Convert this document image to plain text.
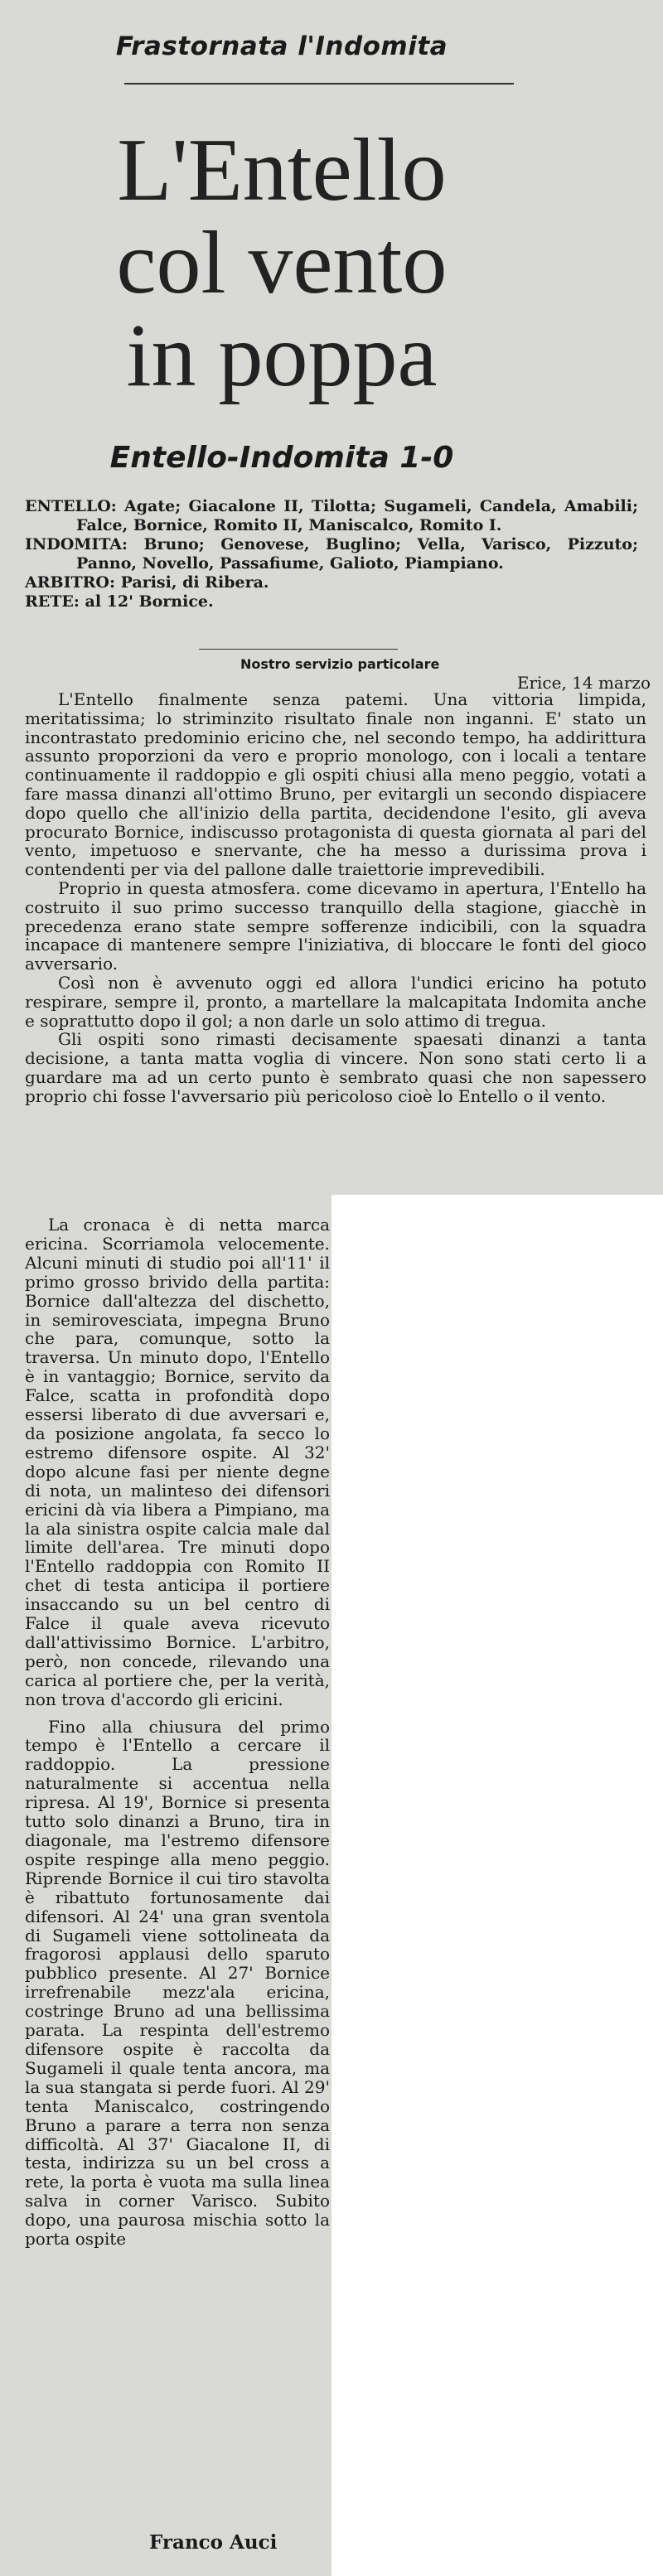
Frastornata l'Indomita
L'Entello
col vento
in poppa
Entello-Indomita 1-0

ENTELLO: Agate; Giacalone II, Tilotta; Sugameli, Candela, Amabili; Falce, Bornice, Romito II, Maniscalco, Romito I.

INDOMITA: Bruno; Genovese, Buglino; Vella, Varisco, Pizzuto; Panno, Novello, Passafiume, Galioto, Piampiano.

ARBITRO: Parisi, di Ribera.

RETE: al 12' Bornice.

Nostro servizio particolare
Erice, 14 marzo

L'Entello finalmente senza patemi. Una vittoria limpida, meritatissima; lo striminzito risultato finale non inganni. E' stato un incontrastato predominio ericino che, nel secondo tempo, ha addirittura assunto proporzioni da vero e proprio monologo, con i locali a tentare continuamente il raddoppio e gli ospiti chiusi alla meno peggio, votati a fare massa dinanzi all'ottimo Bruno, per evitargli un secondo dispiacere dopo quello che all'inizio della partita, decidendone l'esito, gli aveva procurato Bornice, indiscusso protagonista di questa giornata al pari del vento, impetuoso e snervante, che ha messo a durissima prova i contendenti per via del pallone dalle traiettorie imprevedibili.

Proprio in questa atmosfera. come dicevamo in apertura, l'Entello ha costruito il suo primo successo tranquillo della stagione, giacchè in precedenza erano state sempre sofferenze indicibili, con la squadra incapace di mantenere sempre l'iniziativa, di bloccare le fonti del gioco avversario.

Così non è avvenuto oggi ed allora l'undici ericino ha potuto respirare, sempre il, pronto, a martellare la malcapitata Indomita anche e soprattutto dopo il gol; a non darle un solo attimo di tregua.

Gli ospiti sono rimasti decisamente spaesati dinanzi a tanta decisione, a tanta matta voglia di vincere. Non sono stati certo li a guardare ma ad un certo punto è sembrato quasi che non sapessero proprio chi fosse l'avversario più pericoloso cioè lo Entello o il vento.

La cronaca è di netta marca ericina. Scorriamola velocemente. Alcuni minuti di studio poi all'11' il primo grosso brivido della partita: Bornice dall'altezza del dischetto, in semirovesciata, impegna Bruno che para, comunque, sotto la traversa. Un minuto dopo, l'Entello è in vantaggio; Bornice, servito da Falce, scatta in profondità dopo essersi liberato di due avversari e, da posizione angolata, fa secco lo estremo difensore ospite. Al 32' dopo alcune fasi per niente degne di nota, un malinteso dei difensori ericini dà via libera a Pimpiano, ma la ala sinistra ospite calcia male dal limite dell'area. Tre minuti dopo l'Entello raddoppia con Romito II chet di testa anticipa il portiere insaccando su un bel centro di Falce il quale aveva ricevuto dall'attivissimo Bornice. L'arbitro, però, non concede, rilevando una carica al portiere che, per la verità, non trova d'accordo gli ericini.

Fino alla chiusura del primo tempo è l'Entello a cercare il raddoppio. La pressione naturalmente si accentua nella ripresa. Al 19', Bornice si presenta tutto solo dinanzi a Bruno, tira in diagonale, ma l'estremo difensore ospite respinge alla meno peggio. Riprende Bornice il cui tiro stavolta è ribattuto fortunosamente dai difensori. Al 24' una gran sventola di Sugameli viene sottolineata da fragorosi applausi dello sparuto pubblico presente. Al 27' Bornice irrefrenabile mezz'ala ericina, costringe Bruno ad una bellissima parata. La respinta dell'estremo difensore ospite è raccolta da Sugameli il quale tenta ancora, ma la sua stangata si perde fuori. Al 29' tenta Maniscalco, costringendo Bruno a parare a terra non senza difficoltà. Al 37' Giacalone II, di testa, indirizza su un bel cross a rete, la porta è vuota ma sulla linea salva in corner Varisco. Subito dopo, una paurosa mischia sotto la porta ospite

Franco Auci
